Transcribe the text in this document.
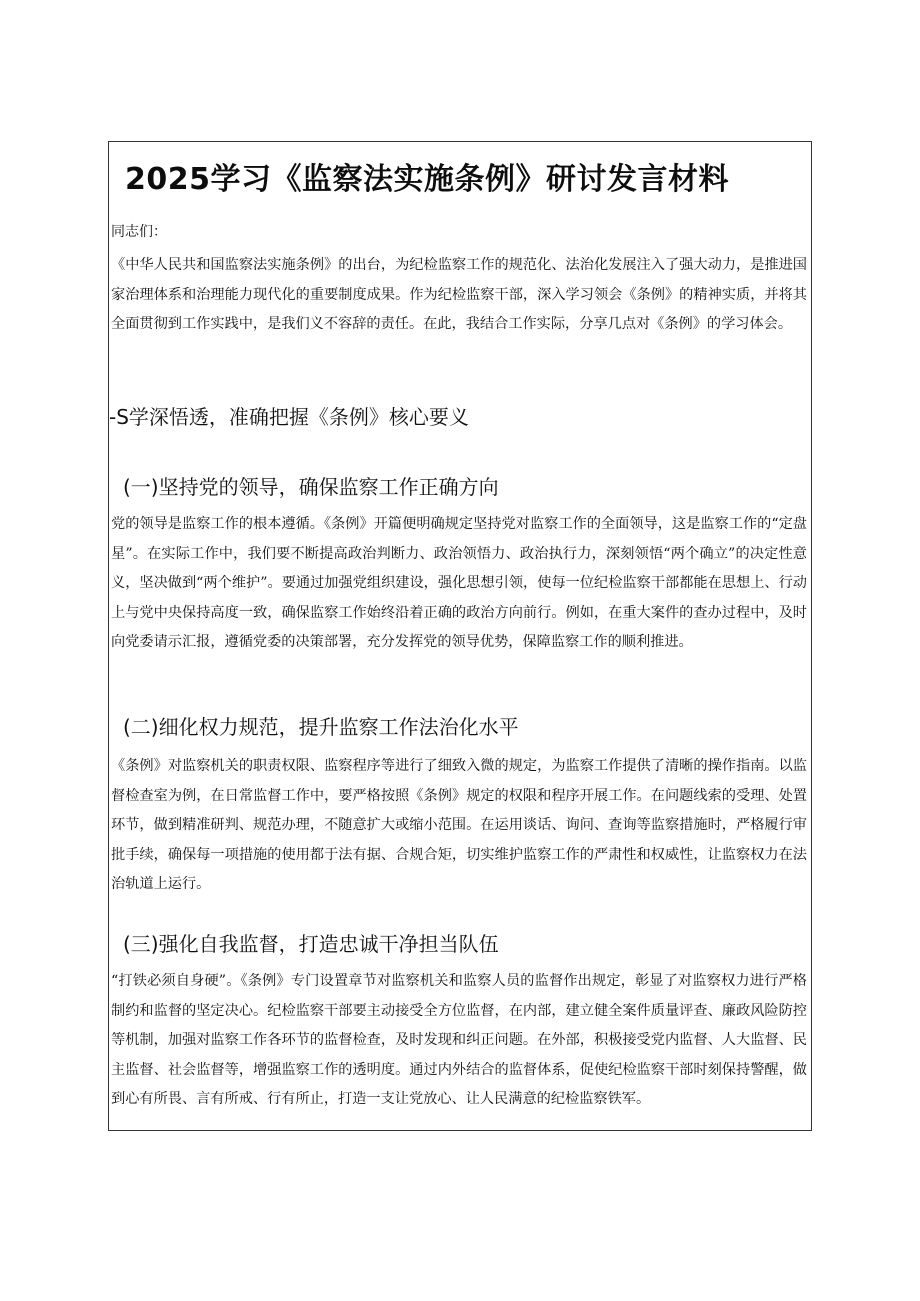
2025学习《监察法实施条例》研讨发言材料

同志们：

《中华人民共和国监察法实施条例》的出台，为纪检监察工作的规范化、法治化发展注入了强大动力，是推进国家治理体系和治理能力现代化的重要制度成果。作为纪检监察干部，深入学习领会《条例》的精神实质，并将其全面贯彻到工作实践中，是我们义不容辞的责任。在此，我结合工作实际，分享几点对《条例》的学习体会。

-S学深悟透，准确把握《条例》核心要义
(一)坚持党的领导，确保监察工作正确方向

党的领导是监察工作的根本遵循。《条例》开篇便明确规定坚持党对监察工作的全面领导，这是监察工作的“定盘星”。在实际工作中，我们要不断提高政治判断力、政治领悟力、政治执行力，深刻领悟“两个确立”的决定性意义，坚决做到“两个维护”。要通过加强党组织建设，强化思想引领，使每一位纪检监察干部都能在思想上、行动上与党中央保持高度一致，确保监察工作始终沿着正确的政治方向前行。例如，在重大案件的查办过程中，及时向党委请示汇报，遵循党委的决策部署，充分发挥党的领导优势，保障监察工作的顺利推进。

(二)细化权力规范，提升监察工作法治化水平

《条例》对监察机关的职责权限、监察程序等进行了细致入微的规定，为监察工作提供了清晰的操作指南。以监督检查室为例，在日常监督工作中，要严格按照《条例》规定的权限和程序开展工作。在问题线索的受理、处置环节，做到精准研判、规范办理，不随意扩大或缩小范围。在运用谈话、询问、查询等监察措施时，严格履行审批手续，确保每一项措施的使用都于法有据、合规合矩，切实维护监察工作的严肃性和权威性，让监察权力在法治轨道上运行。

(三)强化自我监督，打造忠诚干净担当队伍

“打铁必须自身硬”。《条例》专门设置章节对监察机关和监察人员的监督作出规定，彰显了对监察权力进行严格制约和监督的坚定决心。纪检监察干部要主动接受全方位监督，在内部，建立健全案件质量评查、廉政风险防控等机制，加强对监察工作各环节的监督检查，及时发现和纠正问题。在外部，积极接受党内监督、人大监督、民主监督、社会监督等，增强监察工作的透明度。通过内外结合的监督体系，促使纪检监察干部时刻保持警醒，做到心有所畏、言有所戒、行有所止，打造一支让党放心、让人民满意的纪检监察铁军。
